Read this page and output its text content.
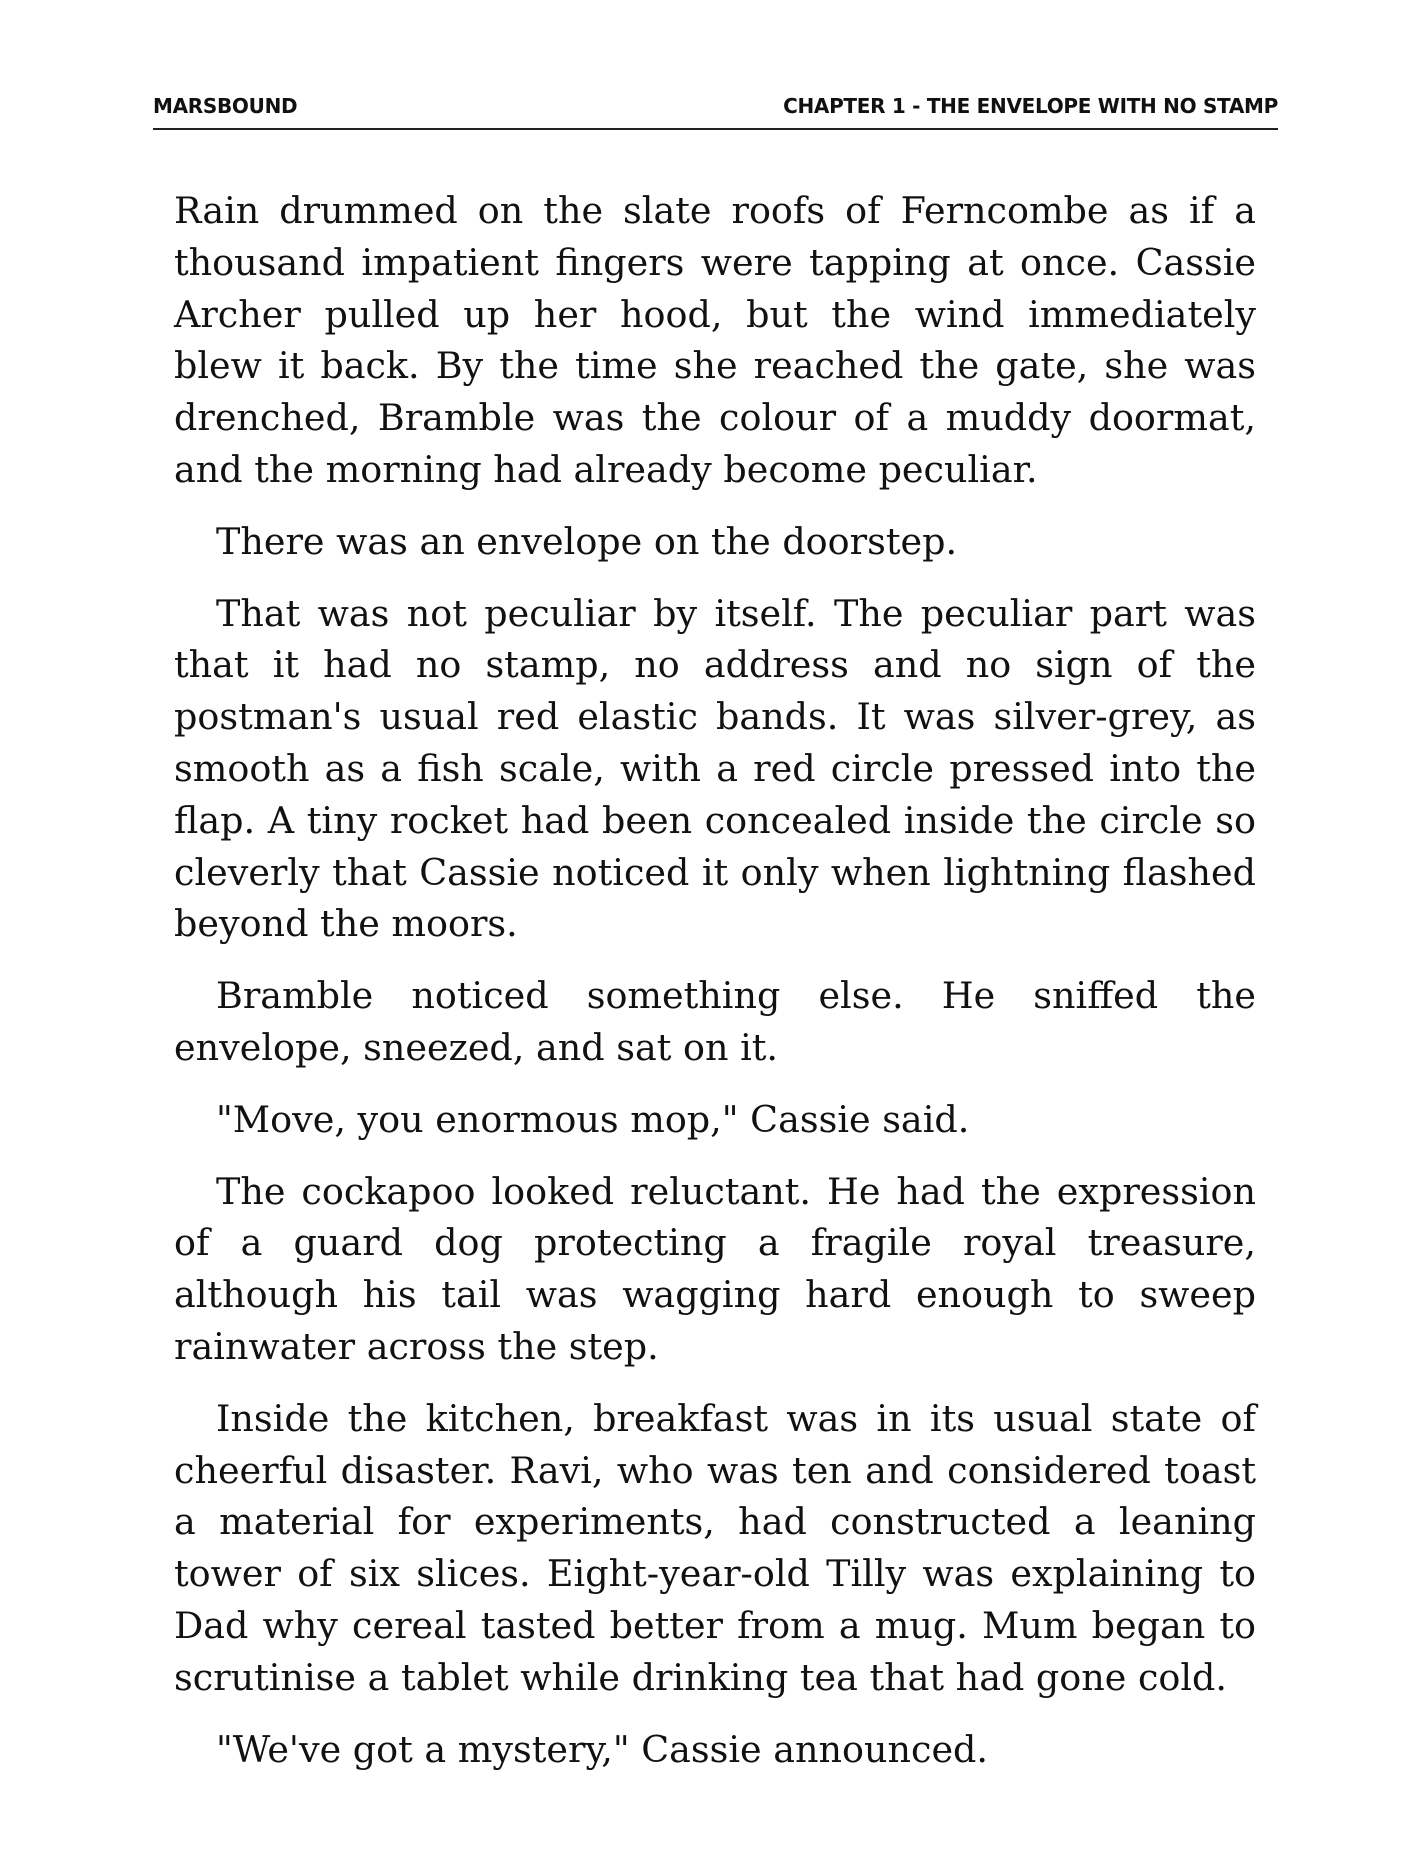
MARSBOUND	CHAPTER 1 - THE ENVELOPE WITH NO STAMP

Rain drummed on the slate roofs of Ferncombe as if a thousand impatient fingers were tapping at once. Cassie Archer pulled up her hood, but the wind immediately blew it back. By the time she reached the gate, she was drenched, Bramble was the colour of a muddy doormat, and the morning had already become peculiar.

There was an envelope on the doorstep.

That was not peculiar by itself. The peculiar part was that it had no stamp, no address and no sign of the postman's usual red elastic bands. It was silver-grey, as smooth as a fish scale, with a red circle pressed into the flap. A tiny rocket had been concealed inside the circle so cleverly that Cassie noticed it only when lightning flashed beyond the moors.

Bramble noticed something else. He sniffed the envelope, sneezed, and sat on it.

"Move, you enormous mop," Cassie said.

The cockapoo looked reluctant. He had the expression of a guard dog protecting a fragile royal treasure, although his tail was wagging hard enough to sweep rainwater across the step.

Inside the kitchen, breakfast was in its usual state of cheerful disaster. Ravi, who was ten and considered toast a material for experiments, had constructed a leaning tower of six slices. Eight-year-old Tilly was explaining to Dad why cereal tasted better from a mug. Mum began to scrutinise a tablet while drinking tea that had gone cold.

"We've got a mystery," Cassie announced.
